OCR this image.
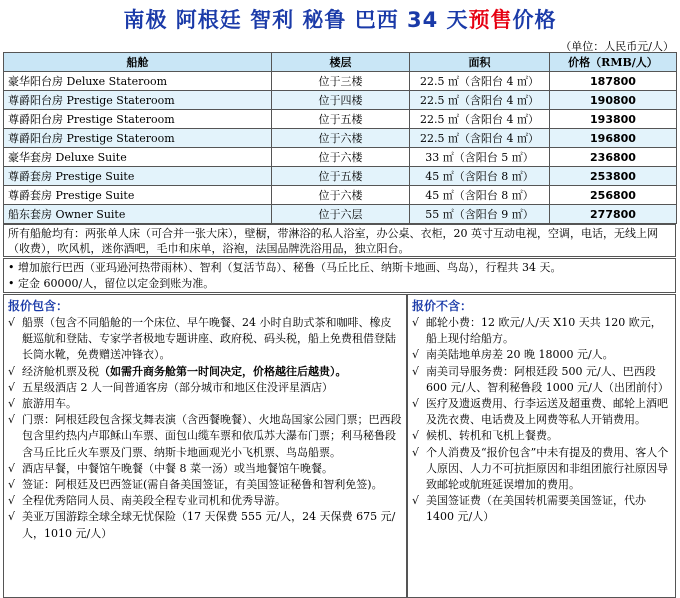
南极 阿根廷 智利 秘鲁 巴西 34 天预售价格
（单位：人民币元/人）
船舱	楼层	面积	价格（RMB/人）
豪华阳台房 Deluxe Stateroom	位于三楼	22.5 ㎡（含阳台 4 ㎡）	187800
尊爵阳台房 Prestige Stateroom	位于四楼	22.5 ㎡（含阳台 4 ㎡）	190800
尊爵阳台房 Prestige Stateroom	位于五楼	22.5 ㎡（含阳台 4 ㎡）	193800
尊爵阳台房 Prestige Stateroom	位于六楼	22.5 ㎡（含阳台 4 ㎡）	196800
豪华套房 Deluxe Suite	位于六楼	33 ㎡（含阳台 5 ㎡）	236800
尊爵套房 Prestige Suite	位于五楼	45 ㎡（含阳台 8 ㎡）	253800
尊爵套房 Prestige Suite	位于六楼	45 ㎡（含阳台 8 ㎡）	256800
船东套房 Owner Suite	位于六层	55 ㎡（含阳台 9 ㎡）	277800
所有船舱均有：两张单人床（可合并一张大床），壁橱，带淋浴的私人浴室，办公桌、衣柜，20 英寸互动电视，空调，电话，无线上网（收费），吹风机，迷你酒吧，毛巾和床单，浴袍，法国品牌洗浴用品，独立阳台。
• 增加旅行巴西（亚玛逊河热带雨林）、智利（复活节岛）、秘鲁（马丘比丘、纳斯卡地画、鸟岛），行程共 34 天。
• 定金 60000/人，留位以定金到账为准。
报价包含：
√ 船票（包含不同船舱的一个床位、早午晚餐、24 小时自助式茶和咖啡、橡皮艇巡航和登陆、专家学者极地专题讲座、政府税、码头税，船上免费租借登陆长筒水靴，免费赠送冲锋衣）。
√ 经济舱机票及税（如需升商务舱第一时间决定，价格越往后越贵）。
√ 五星级酒店 2 人一间普通客房（部分城市和地区住没评星酒店）
√ 旅游用车。
√ 门票：阿根廷段包含探戈舞表演（含西餐晚餐）、火地岛国家公园门票；巴西段包含里约热内卢耶稣山车票、面包山缆车票和依瓜苏大瀑布门票；利马秘鲁段含马丘比丘火车票及门票、纳斯卡地画观光小飞机票、鸟岛船票。
√ 酒店早餐，中餐馆午晚餐（中餐 8 菜一汤）或当地餐馆午晚餐。
√ 签证：阿根廷及巴西签证(需自备美国签证，有美国签证秘鲁和智利免签)。
√ 全程优秀陪同人员、南美段全程专业司机和优秀导游。
√ 美亚万国游踪全球全球无忧保险（17 天保费 555 元/人，24 天保费 675 元/人，1010 元/人）
报价不含：
√ 邮轮小费：12 欧元/人/天 X10 天共 120 欧元，船上现付给船方。
√ 南美陆地单房差 20 晚 18000 元/人。
√ 南美司导服务费：阿根廷段 500 元/人、巴西段 600 元/人、智利秘鲁段 1000 元/人（出团前付）
√ 医疗及遗返费用、行李运送及超重费、邮轮上酒吧及洗衣费、电话费及上网费等私人开销费用。
√ 候机、转机和飞机上餐费。
√ 个人消费及“报价包含”中未有提及的费用、客人个人原因、人力不可抗拒原因和非组团旅行社原因导致邮轮或航班延误增加的费用。
√ 美国签证费（在美国转机需要美国签证，代办 1400 元/人）
